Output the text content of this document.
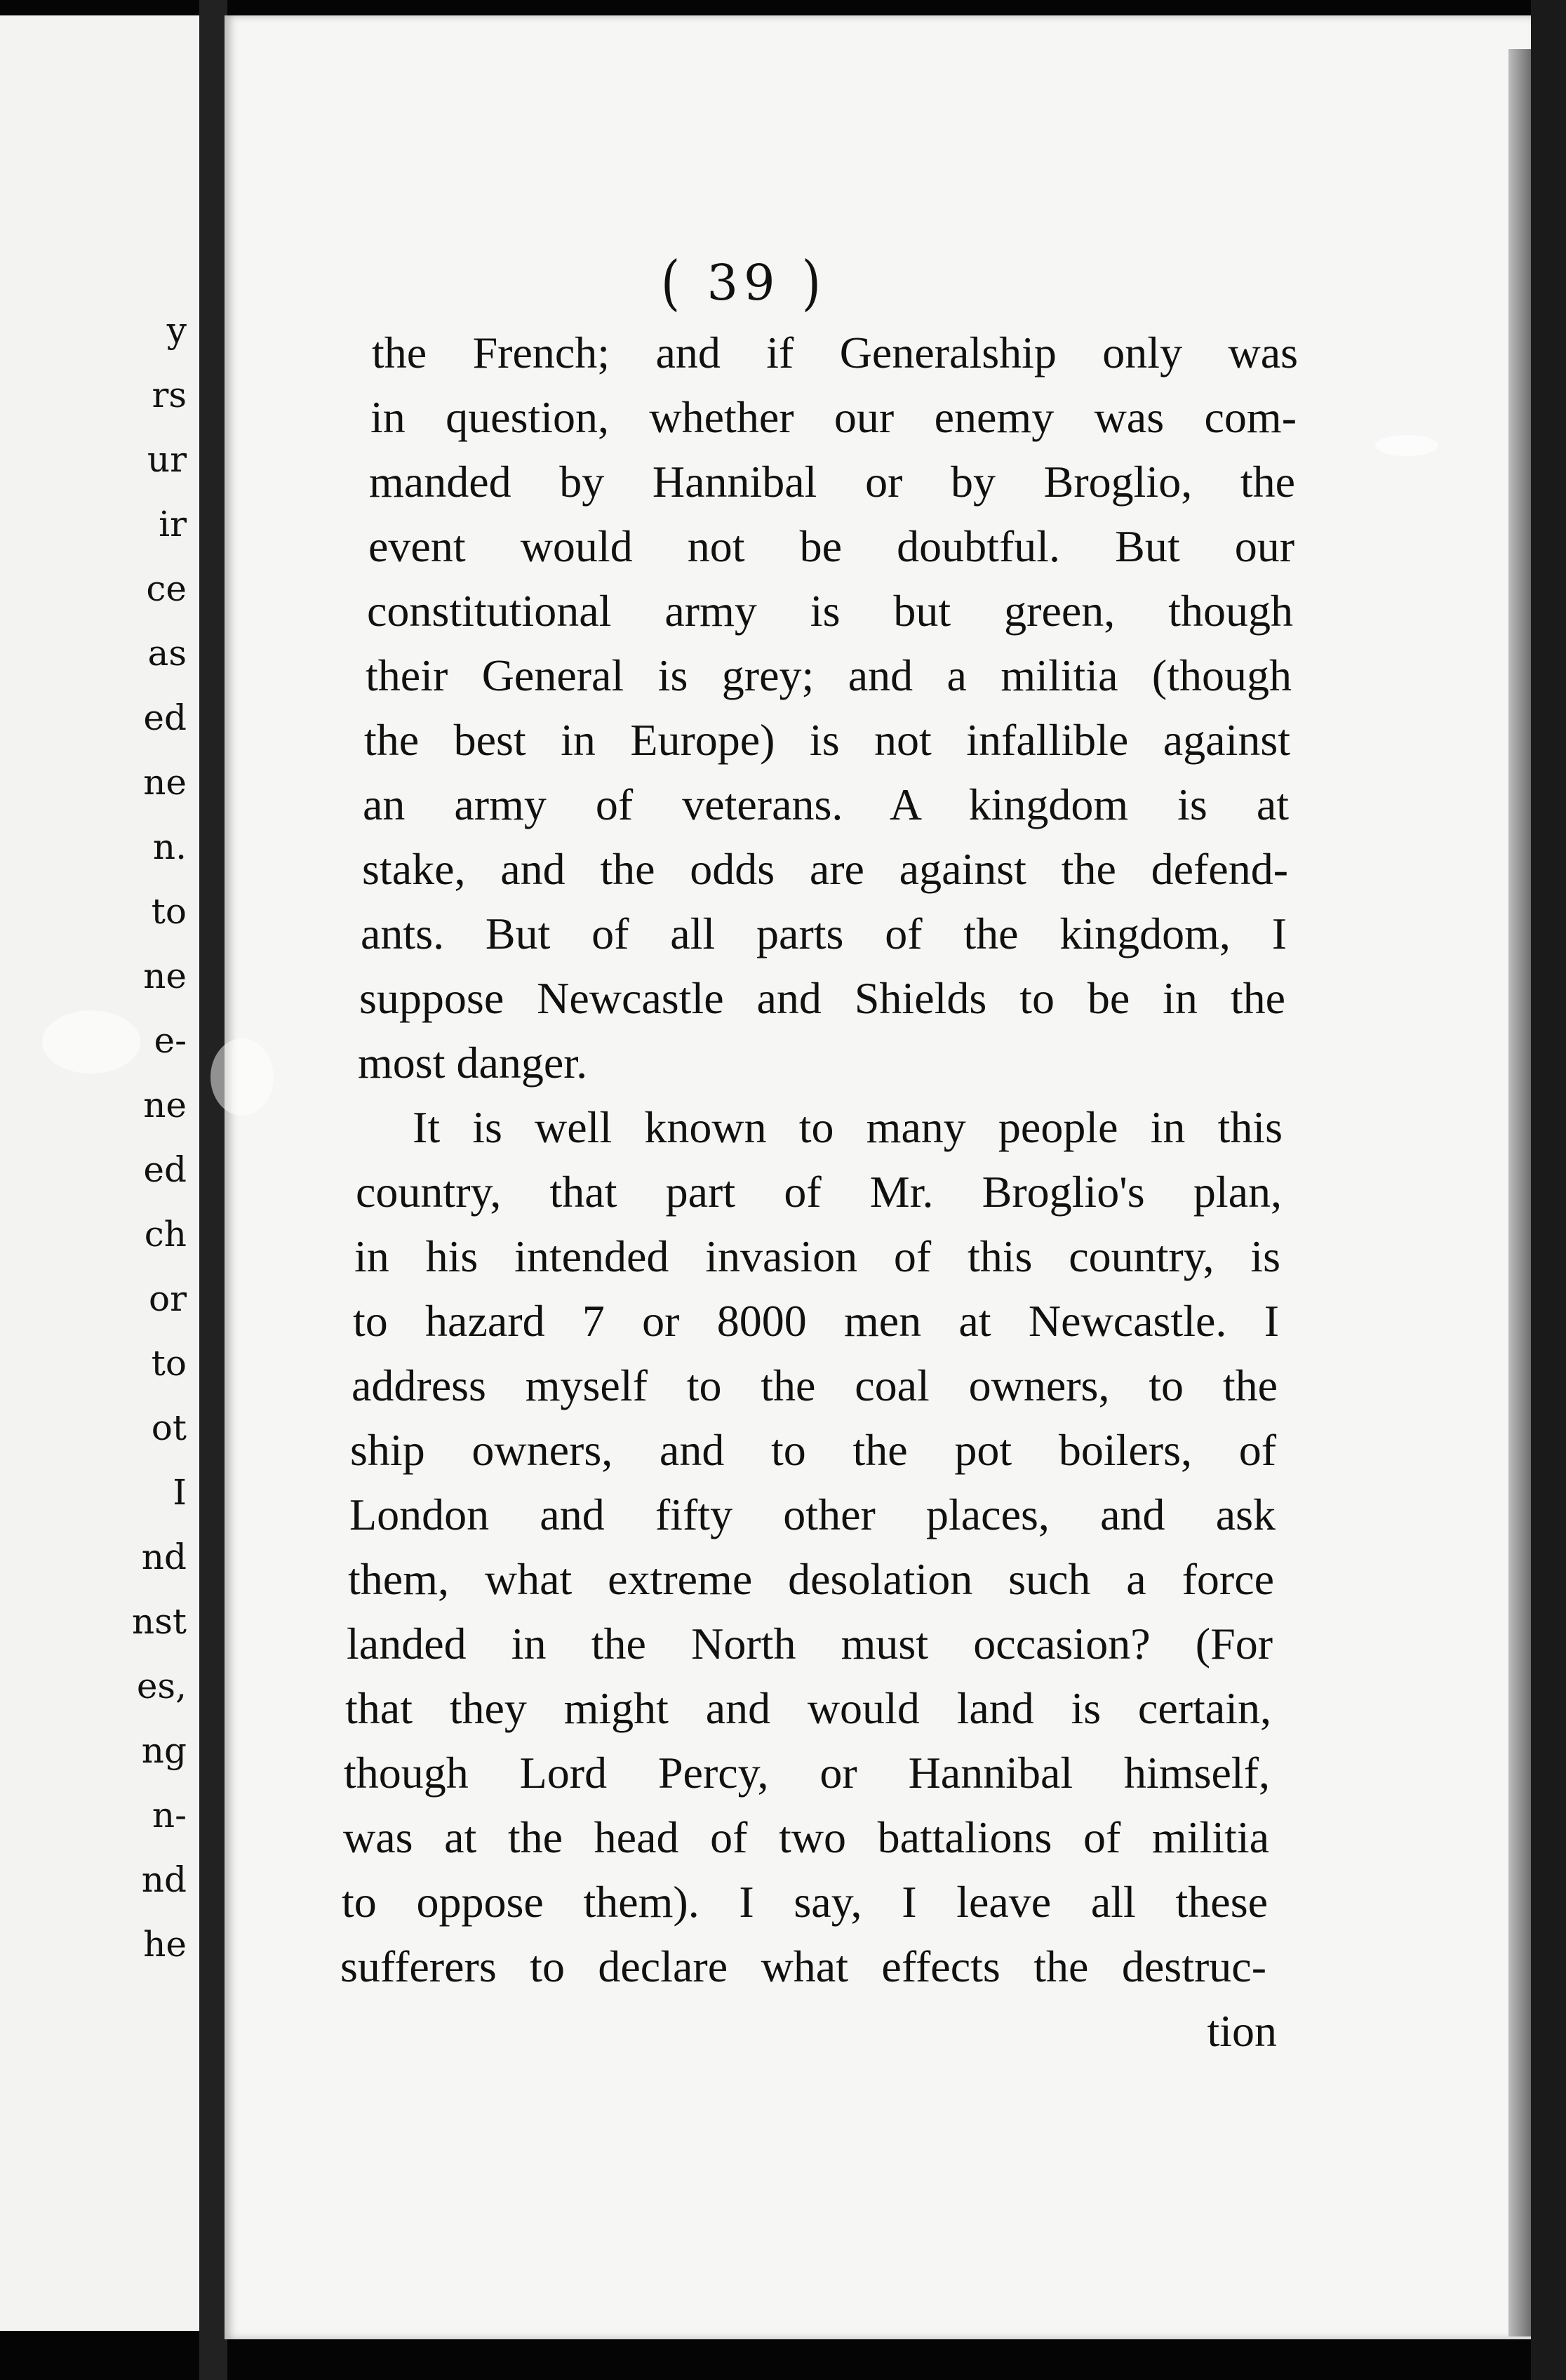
y
rs
ur
ir
ce
as
ed
ne
n.
to
ne
e-
ne
ed
ch
or
to
ot
I
nd
nst
es,
ng
n-
nd
he
( 39 )
the French; and if Generalship only was
in question, whether our enemy was com-
manded by Hannibal or by Broglio, the
event would not be doubtful. But our
constitutional army is but green, though
their General is grey; and a militia (though
the best in Europe) is not infallible against
an army of veterans. A kingdom is at
stake, and the odds are against the defend-
ants. But of all parts of the kingdom, I
suppose Newcastle and Shields to be in the
most danger.
It is well known to many people in this
country, that part of Mr. Broglio's plan,
in his intended invasion of this country, is
to hazard 7 or 8000 men at Newcastle. I
address myself to the coal owners, to the
ship owners, and to the pot boilers, of
London and fifty other places, and ask
them, what extreme desolation such a force
landed in the North must occasion? (For
that they might and would land is certain,
though Lord Percy, or Hannibal himself,
was at the head of two battalions of militia
to oppose them). I say, I leave all these
sufferers to declare what effects the destruc-
tion
